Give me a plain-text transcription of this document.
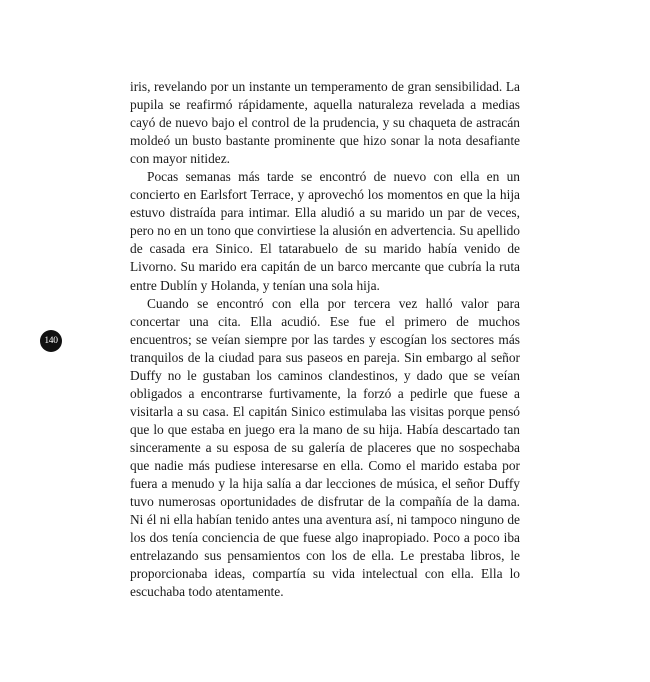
140

iris, revelando por un instante un temperamento de gran sensibilidad. La pupila se reafirmó rápidamente, aquella naturaleza revelada a medias cayó de nuevo bajo el control de la prudencia, y su chaqueta de astracán moldeó un busto bastante prominente que hizo sonar la nota desafiante con mayor nitidez.

Pocas semanas más tarde se encontró de nuevo con ella en un concierto en Earlsfort Terrace, y aprovechó los momentos en que la hija estuvo distraída para intimar. Ella aludió a su marido un par de veces, pero no en un tono que convirtiese la alusión en advertencia. Su apellido de casada era Sinico. El tatarabuelo de su marido había venido de Livorno. Su marido era capitán de un barco mercante que cubría la ruta entre Dublín y Holanda, y tenían una sola hija.

Cuando se encontró con ella por tercera vez halló valor para concertar una cita. Ella acudió. Ese fue el primero de muchos encuentros; se veían siempre por las tardes y escogían los sectores más tranquilos de la ciudad para sus paseos en pareja. Sin embargo al señor Duffy no le gustaban los caminos clandestinos, y dado que se veían obligados a encontrarse furtivamente, la forzó a pedirle que fuese a visitarla a su casa. El capitán Sinico estimulaba las visitas porque pensó que lo que estaba en juego era la mano de su hija. Había descartado tan sinceramente a su esposa de su galería de placeres que no sospechaba que nadie más pudiese interesarse en ella. Como el marido estaba por fuera a menudo y la hija salía a dar lecciones de música, el señor Duffy tuvo numerosas oportunidades de disfrutar de la compañía de la dama. Ni él ni ella habían tenido antes una aventura así, ni tampoco ninguno de los dos tenía conciencia de que fuese algo inapropiado. Poco a poco iba entrelazando sus pensamientos con los de ella. Le prestaba libros, le proporcionaba ideas, compartía su vida intelectual con ella. Ella lo escuchaba todo atentamente.
